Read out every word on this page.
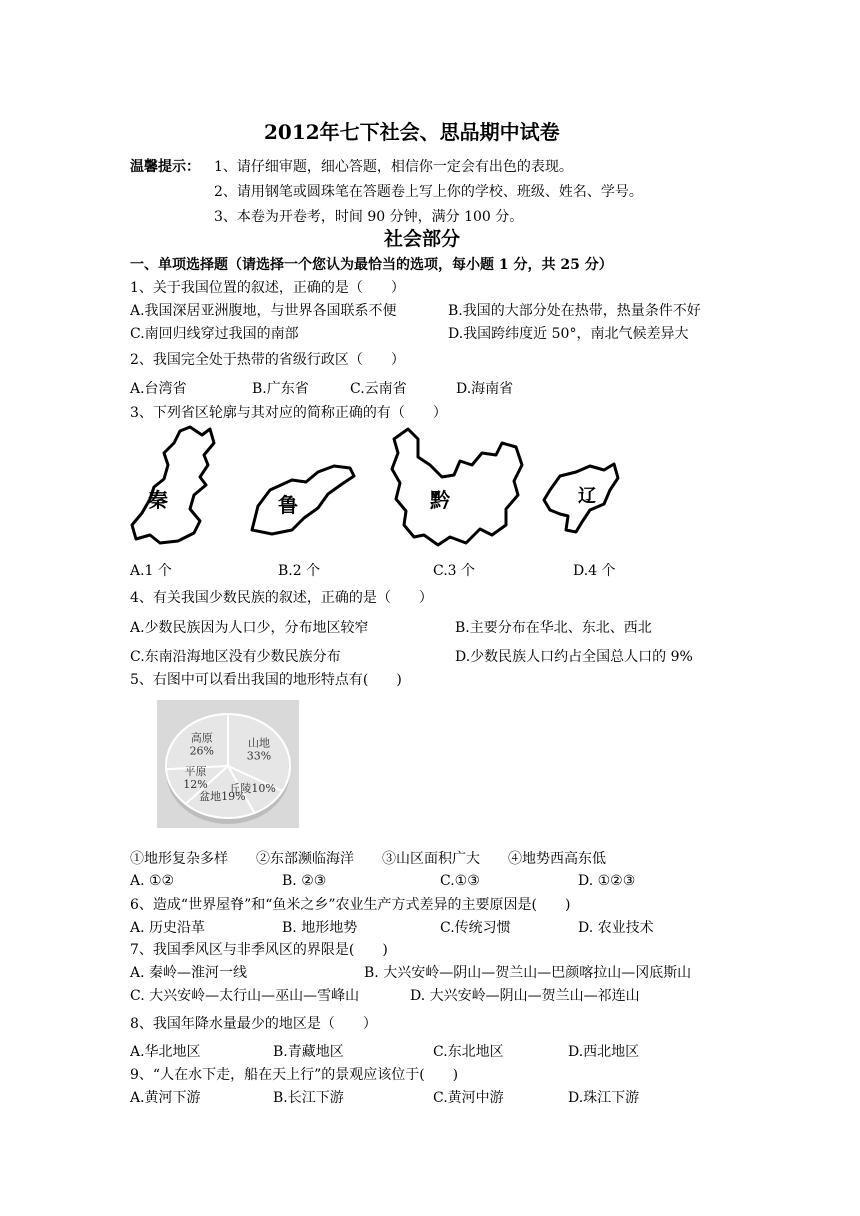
2012年七下社会、思品期中试卷
温馨提示： 1、请仔细审题，细心答题，相信你一定会有出色的表现。
2、请用钢笔或圆珠笔在答题卷上写上你的学校、班级、姓名、学号。
3、本卷为开卷考，时间 90 分钟，满分 100 分。
社会部分
一、单项选择题（请选择一个您认为最恰当的选项，每小题 1 分，共 25 分）
1、关于我国位置的叙述，正确的是（　　）
A.我国深居亚洲腹地，与世界各国联系不便	B.我国的大部分处在热带，热量条件不好
C.南回归线穿过我国的南部	D.我国跨纬度近 50°，南北气候差异大
2、我国完全处于热带的省级行政区（　　）
A.台湾省	B.广东省	C.云南省	D.海南省
3、下列省区轮廓与其对应的简称正确的有（　　）
秦	鲁	黔	辽
A.1 个	B.2 个	C.3 个	D.4 个
4、有关我国少数民族的叙述，正确的是（　　）
A.少数民族因为人口少，分布地区较窄	B.主要分布在华北、东北、西北
C.东南沿海地区没有少数民族分布	D.少数民族人口约占全国总人口的 9%
5、右图中可以看出我国的地形特点有(　　)
高原 26%
山地 33%
丘陵10%
盆地19%
平原 12%
①地形复杂多样　　②东部濒临海洋　　③山区面积广大　　④地势西高东低
A. ①②	B. ②③	C.①③	D. ①②③
6、造成“世界屋脊”和“鱼米之乡”农业生产方式差异的主要原因是(　　)
A. 历史沿革	B. 地形地势	C.传统习惯	D. 农业技术
7、我国季风区与非季风区的界限是(　　)
A. 秦岭—淮河一线	B. 大兴安岭—阴山—贺兰山—巴颜喀拉山—冈底斯山
C. 大兴安岭—太行山—巫山—雪峰山	D. 大兴安岭—阴山—贺兰山—祁连山
8、我国年降水量最少的地区是（　　）
A.华北地区	B.青藏地区	C.东北地区	D.西北地区
9、“人在水下走，船在天上行”的景观应该位于(　　)
A.黄河下游	B.长江下游	C.黄河中游	D.珠江下游
